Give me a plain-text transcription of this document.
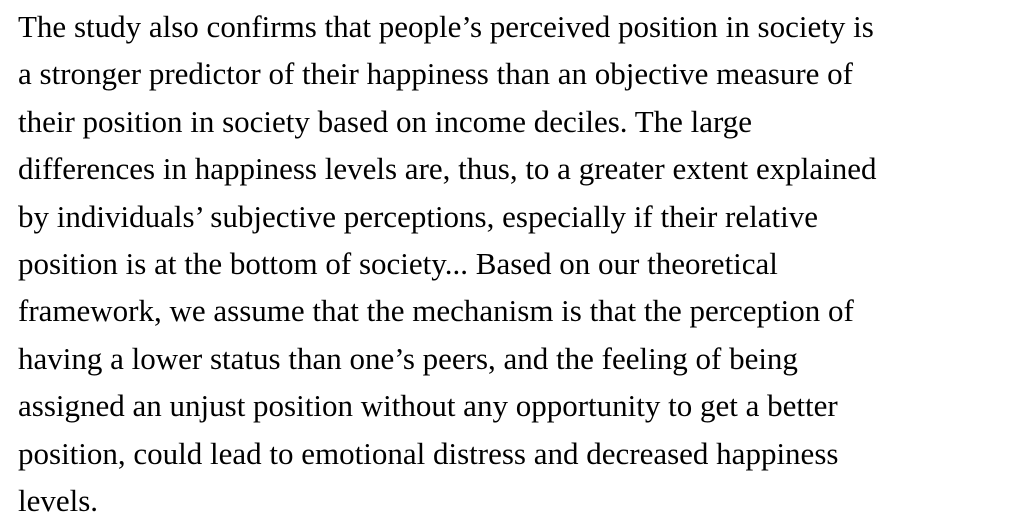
The study also confirms that people’s perceived position in society is
a stronger predictor of their happiness than an objective measure of
their position in society based on income deciles. The large
differences in happiness levels are, thus, to a greater extent explained
by individuals’ subjective perceptions, especially if their relative
position is at the bottom of society... Based on our theoretical
framework, we assume that the mechanism is that the perception of
having a lower status than one’s peers, and the feeling of being
assigned an unjust position without any opportunity to get a better
position, could lead to emotional distress and decreased happiness
levels.
